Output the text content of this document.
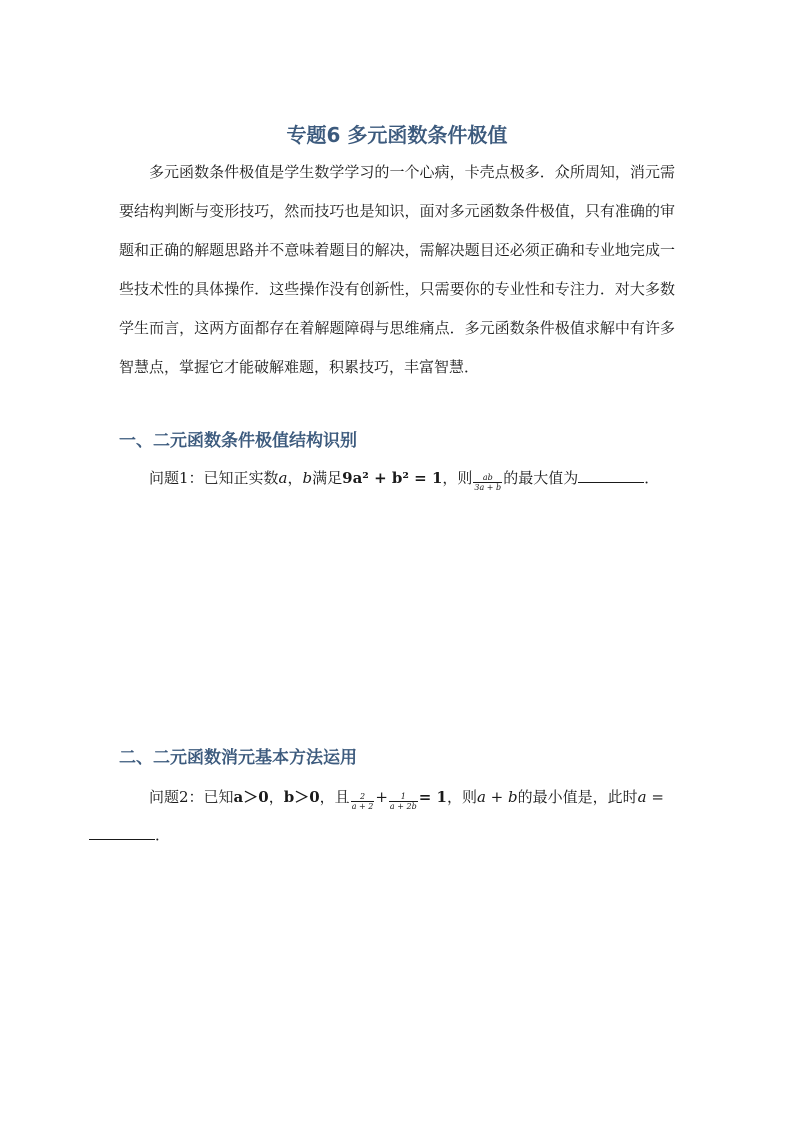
专题6 多元函数条件极值

多元函数条件极值是学生数学学习的一个心病，卡壳点极多．众所周知，消元需要结构判断与变形技巧，然而技巧也是知识，面对多元函数条件极值，只有准确的审题和正确的解题思路并不意味着题目的解决，需解决题目还必须正确和专业地完成一些技术性的具体操作．这些操作没有创新性，只需要你的专业性和专注力．对大多数学生而言，这两方面都存在着解题障碍与思维痛点．多元函数条件极值求解中有许多智慧点，掌握它才能破解难题，积累技巧，丰富智慧．

一、二元函数条件极值结构识别

问题1：已知正实数a，b满足9a² + b² = 1，则 $\frac{ab}{3a + b}$ 的最大值为	．

二、二元函数消元基本方法运用

问题2：已知a＞0，b＞0，且 $\frac{2}{a + 2} + \frac{1}{a + 2b} = 1$，则a + b的最小值是，此时a =
．
